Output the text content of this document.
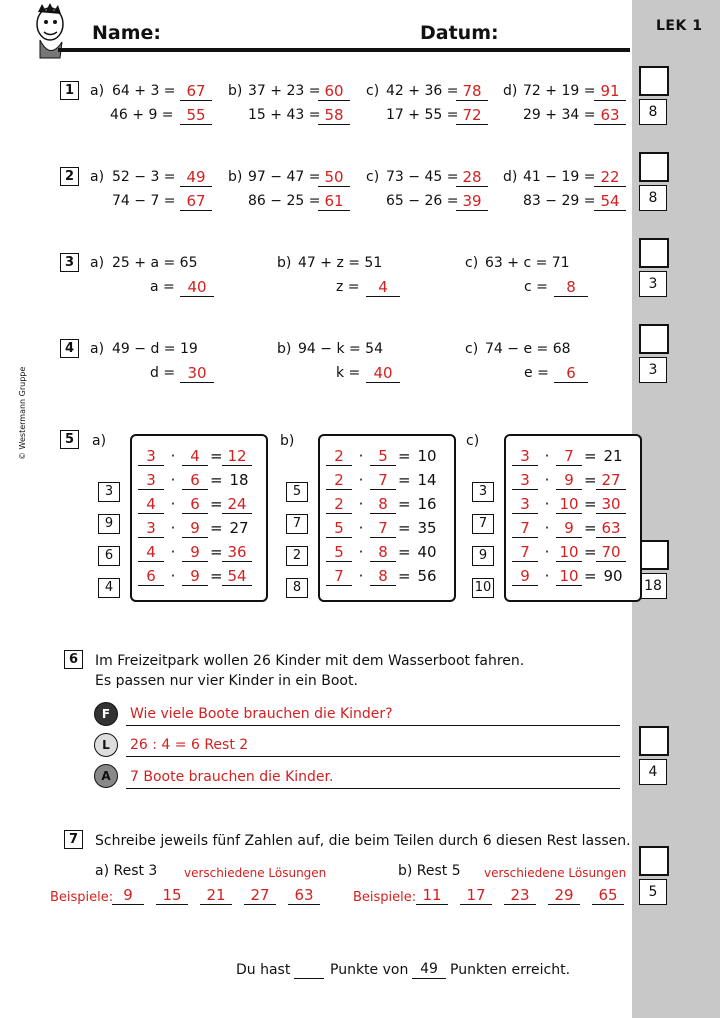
LEK 1
8
8
3
3
18
4
5
Name:	Datum:
© Westermann Gruppe
1	a) 64 + 3 = 67
46 + 9 = 55
b) 37 + 23 = 60
15 + 43 = 58
c) 42 + 36 = 78
17 + 55 = 72
d) 72 + 19 = 91
29 + 34 = 63
2	a) 52 − 3 = 49
74 − 7 = 67
b) 97 − 47 = 50
86 − 25 = 61
c) 73 − 45 = 28
65 − 26 = 39
d) 41 − 19 = 22
83 − 29 = 54
3	a) 25 + a = 65
a = 40
b) 47 + z = 51
z =	4
c) 63 + c = 71
c =	8
4	a) 49 − d = 19
d = 30
b) 94 − k = 54
k = 40
c) 74 − e = 68
e =	6
5	a)
3
9
6
4
3 · 4 = 12
3 · 6 = 18
4 · 6 = 24
3 · 9 = 27
4 · 9 = 36
6 · 9 = 54
b)
5
7
2
8
2 · 5 = 10
2 · 7 = 14
2 · 8 = 16
5 · 7 = 35
5 · 8 = 40
7 · 8 = 56
c)
3
7
9
10
3 · 7 = 21
3 · 9 = 27
3 · 10 = 30
7 · 9 = 63
7 · 10 = 70
9 · 10 = 90
6	Im Freizeitpark wollen 26 Kinder mit dem Wasserboot fahren.
Es passen nur vier Kinder in ein Boot.
F	Wie viele Boote brauchen die Kinder?
L	26 : 4 = 6 Rest 2
A	7 Boote brauchen die Kinder.
7	Schreibe jeweils fünf Zahlen auf, die beim Teilen durch 6 diesen Rest lassen.
a) Rest 3 verschiedene Lösungen
Beispiele: 9	15	21	27	63
b) Rest 5 verschiedene Lösungen
Beispiele: 11	17	23	29	65
Du hast	Punkte von 49 Punkten erreicht.
